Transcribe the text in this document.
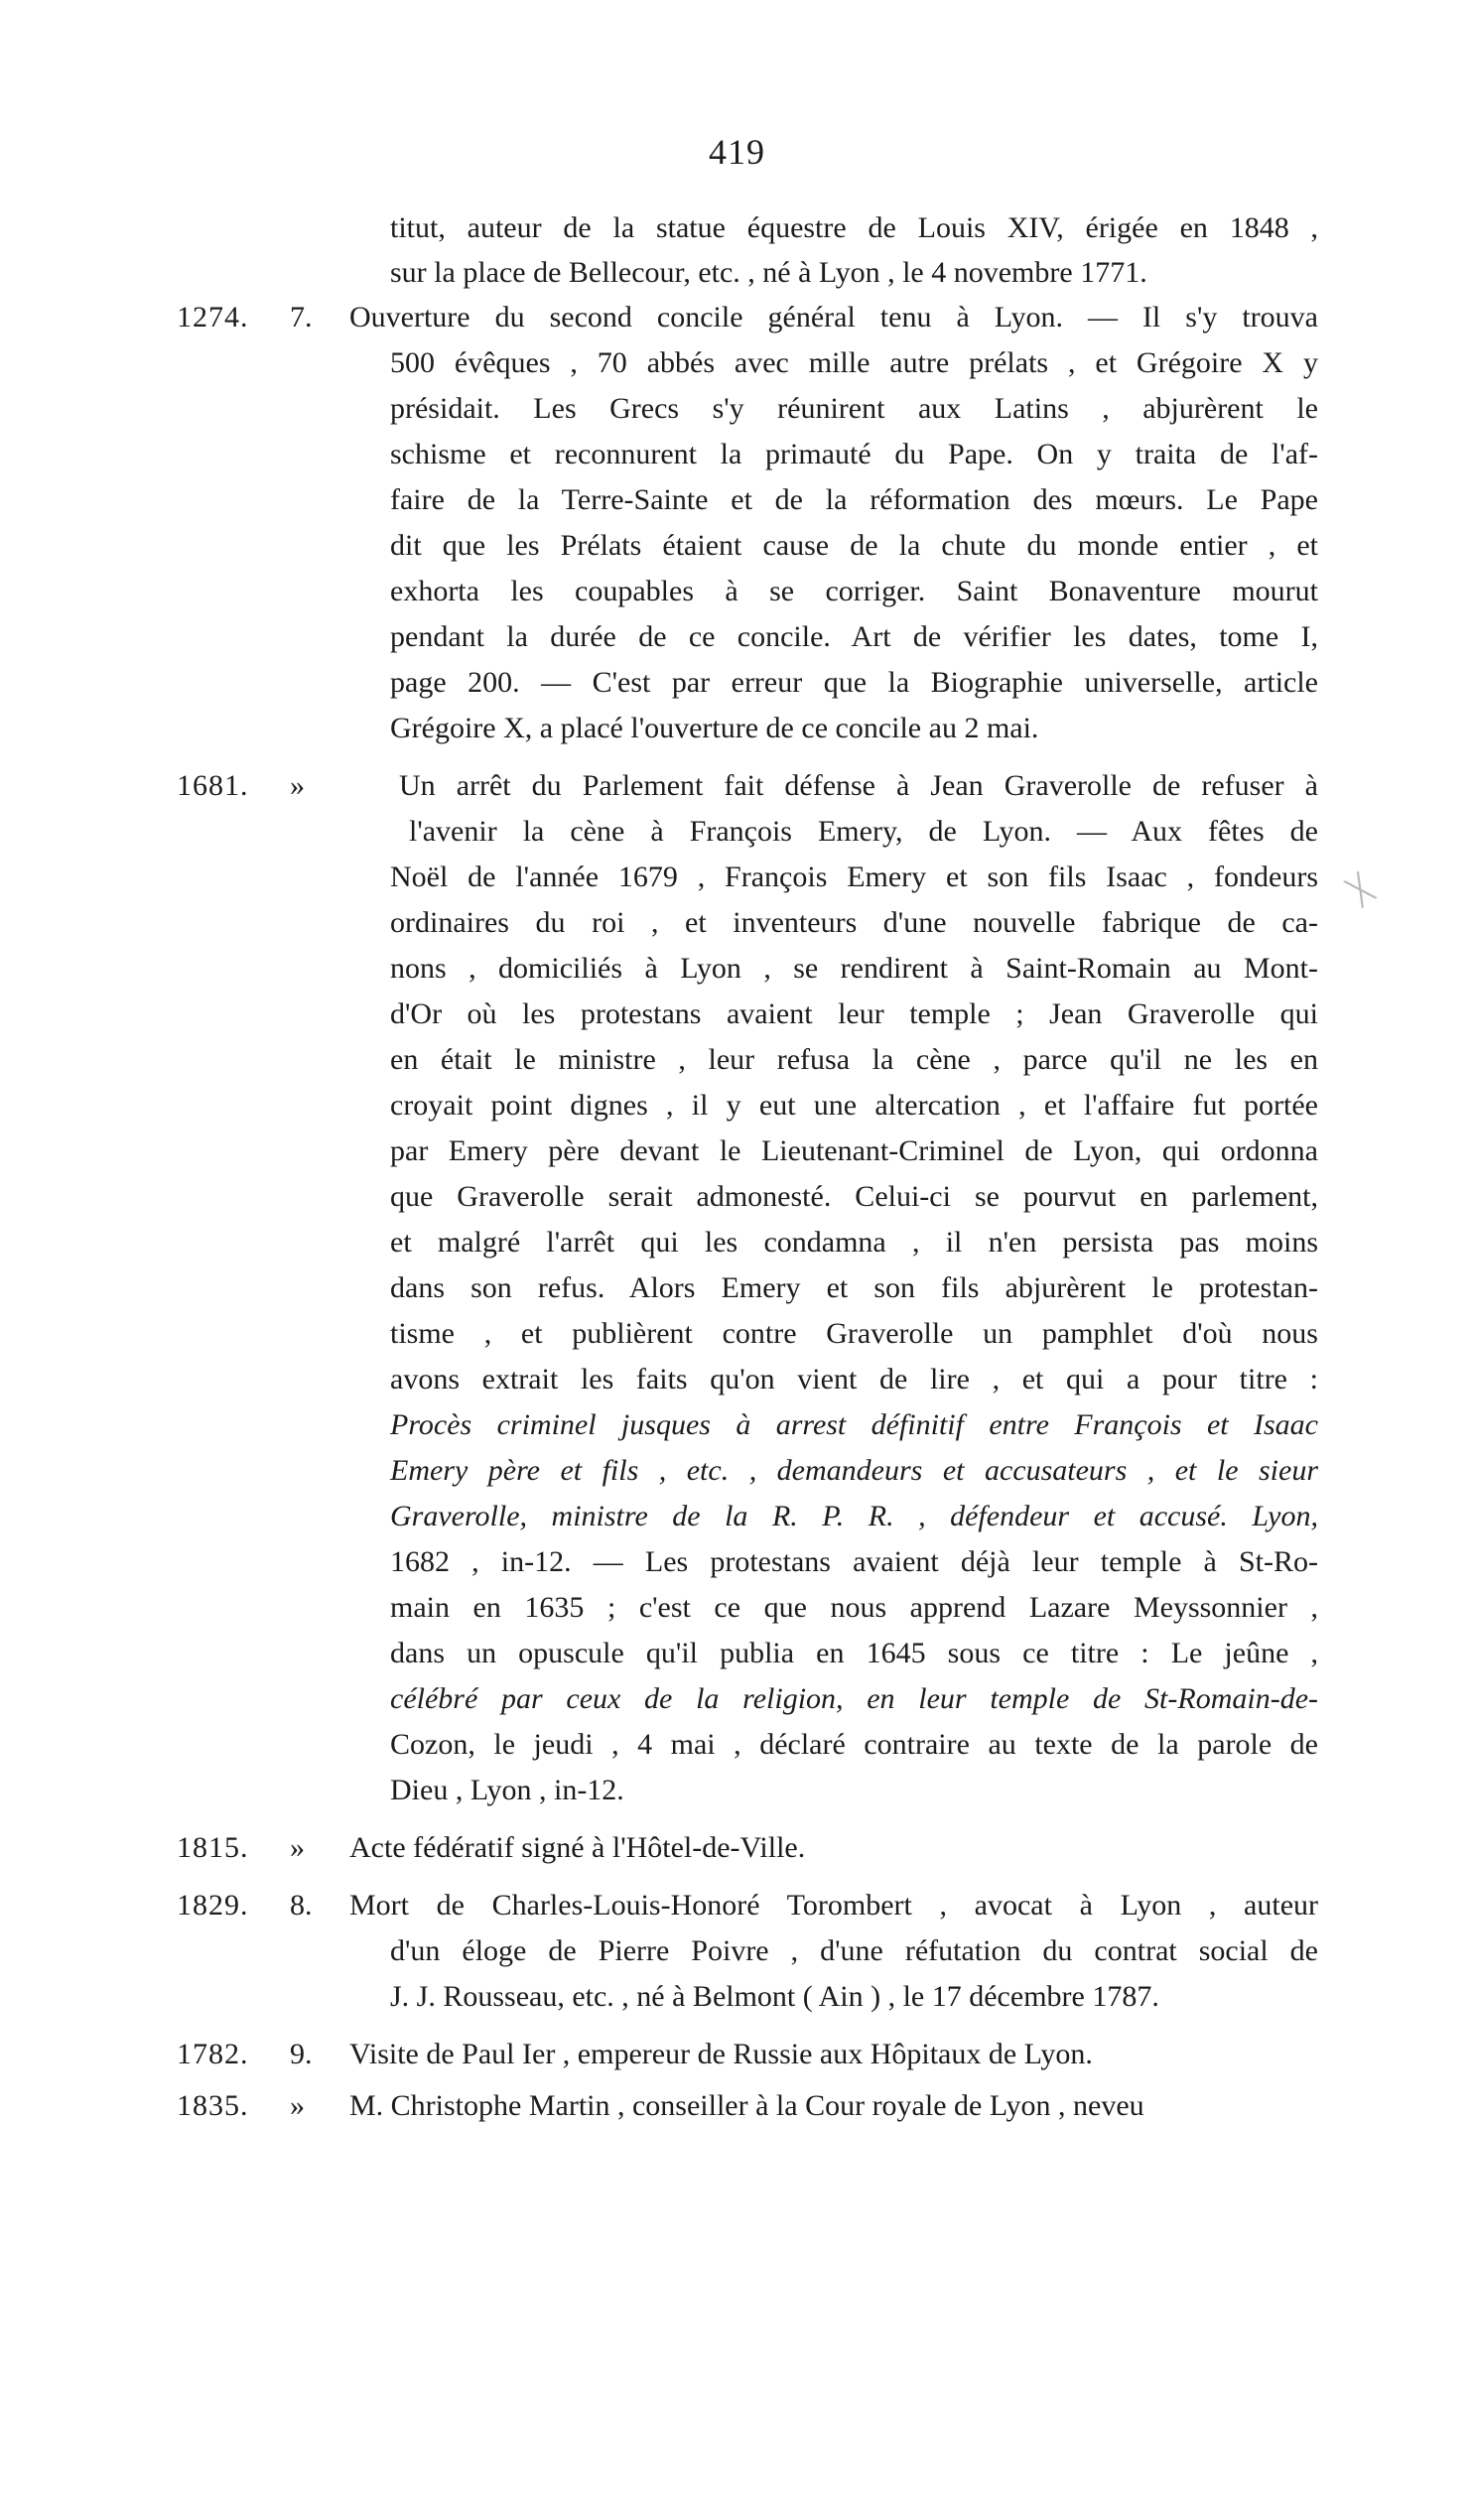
419
titut, auteur de la statue équestre de Louis XIV, érigée en 1848 ,
sur la place de Bellecour, etc. , né à Lyon , le 4 novembre 1771.
1274.	7.	Ouverture du second concile général tenu à Lyon. — Il s'y trouva
500 évêques , 70 abbés avec mille autre prélats , et Grégoire X y
présidait. Les Grecs s'y réunirent aux Latins , abjurèrent le
schisme et reconnurent la primauté du Pape. On y traita de l'af-
faire de la Terre-Sainte et de la réformation des mœurs. Le Pape
dit que les Prélats étaient cause de la chute du monde entier , et
exhorta les coupables à se corriger. Saint Bonaventure mourut
pendant la durée de ce concile. Art de vérifier les dates, tome I,
page 200. — C'est par erreur que la Biographie universelle, article
Grégoire X, a placé l'ouverture de ce concile au 2 mai.
1681.	»	Un arrêt du Parlement fait défense à Jean Graverolle de refuser à
l'avenir la cène à François Emery, de Lyon. — Aux fêtes de
Noël de l'année 1679 , François Emery et son fils Isaac , fondeurs
ordinaires du roi , et inventeurs d'une nouvelle fabrique de ca-
nons , domiciliés à Lyon , se rendirent à Saint-Romain au Mont-
d'Or où les protestans avaient leur temple ; Jean Graverolle qui
en était le ministre , leur refusa la cène , parce qu'il ne les en
croyait point dignes , il y eut une altercation , et l'affaire fut portée
par Emery père devant le Lieutenant-Criminel de Lyon, qui ordonna
que Graverolle serait admonesté. Celui-ci se pourvut en parlement,
et malgré l'arrêt qui les condamna , il n'en persista pas moins
dans son refus. Alors Emery et son fils abjurèrent le protestan-
tisme , et publièrent contre Graverolle un pamphlet d'où nous
avons extrait les faits qu'on vient de lire , et qui a pour titre :
Procès criminel jusques à arrest définitif entre François et Isaac
Emery père et fils , etc. , demandeurs et accusateurs , et le sieur
Graverolle, ministre de la R. P. R. , défendeur et accusé. Lyon,
1682 , in-12. — Les protestans avaient déjà leur temple à St-Ro-
main en 1635 ; c'est ce que nous apprend Lazare Meyssonnier ,
dans un opuscule qu'il publia en 1645 sous ce titre : Le jeûne ,
célébré par ceux de la religion, en leur temple de St-Romain-de-
Cozon, le jeudi , 4 mai , déclaré contraire au texte de la parole de
Dieu , Lyon , in-12.
1815.	»	Acte fédératif signé à l'Hôtel-de-Ville.
1829.	8.	Mort de Charles-Louis-Honoré Torombert , avocat à Lyon , auteur
d'un éloge de Pierre Poivre , d'une réfutation du contrat social de
J. J. Rousseau, etc. , né à Belmont ( Ain ) , le 17 décembre 1787.
1782.	9.	Visite de Paul Ier , empereur de Russie aux Hôpitaux de Lyon.
1835.	»	M. Christophe Martin , conseiller à la Cour royale de Lyon , neveu
╳
